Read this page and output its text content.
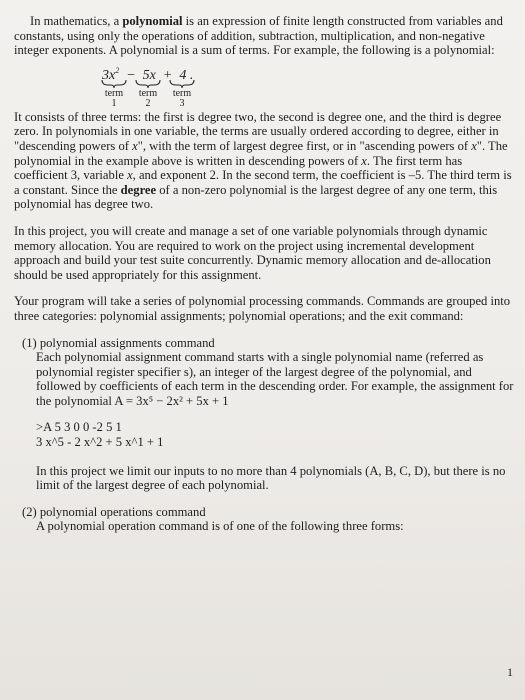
In mathematics, a polynomial is an expression of finite length constructed from variables and constants, using only the operations of addition, subtraction, multiplication, and non-negative integer exponents. A polynomial is a sum of terms. For example, the following is a polynomial:

$3x^2 - 5x + 4$ .
term
1
term
2
term
3

It consists of three terms: the first is degree two, the second is degree one, and the third is degree zero. In polynomials in one variable, the terms are usually ordered according to degree, either in "descending powers of x", with the term of largest degree first, or in "ascending powers of x". The polynomial in the example above is written in descending powers of x. The first term has coefficient 3, variable x, and exponent 2. In the second term, the coefficient is –5. The third term is a constant. Since the degree of a non-zero polynomial is the largest degree of any one term, this polynomial has degree two.

In this project, you will create and manage a set of one variable polynomials through dynamic memory allocation. You are required to work on the project using incremental development approach and build your test suite concurrently. Dynamic memory allocation and de-allocation should be used appropriately for this assignment.

Your program will take a series of polynomial processing commands. Commands are grouped into three categories: polynomial assignments; polynomial operations; and the exit command:

(1) polynomial assignments command

Each polynomial assignment command starts with a single polynomial name (referred as polynomial register specifier s), an integer of the largest degree of the polynomial, and followed by coefficients of each term in the descending order. For example, the assignment for the polynomial A = 3x⁵ − 2x² + 5x + 1

>A 5 3 0 0 -2 5 1

3 x^5 - 2 x^2 + 5 x^1 + 1

In this project we limit our inputs to no more than 4 polynomials (A, B, C, D), but there is no limit of the largest degree of each polynomial.

(2) polynomial operations command

A polynomial operation command is of one of the following three forms:

1
